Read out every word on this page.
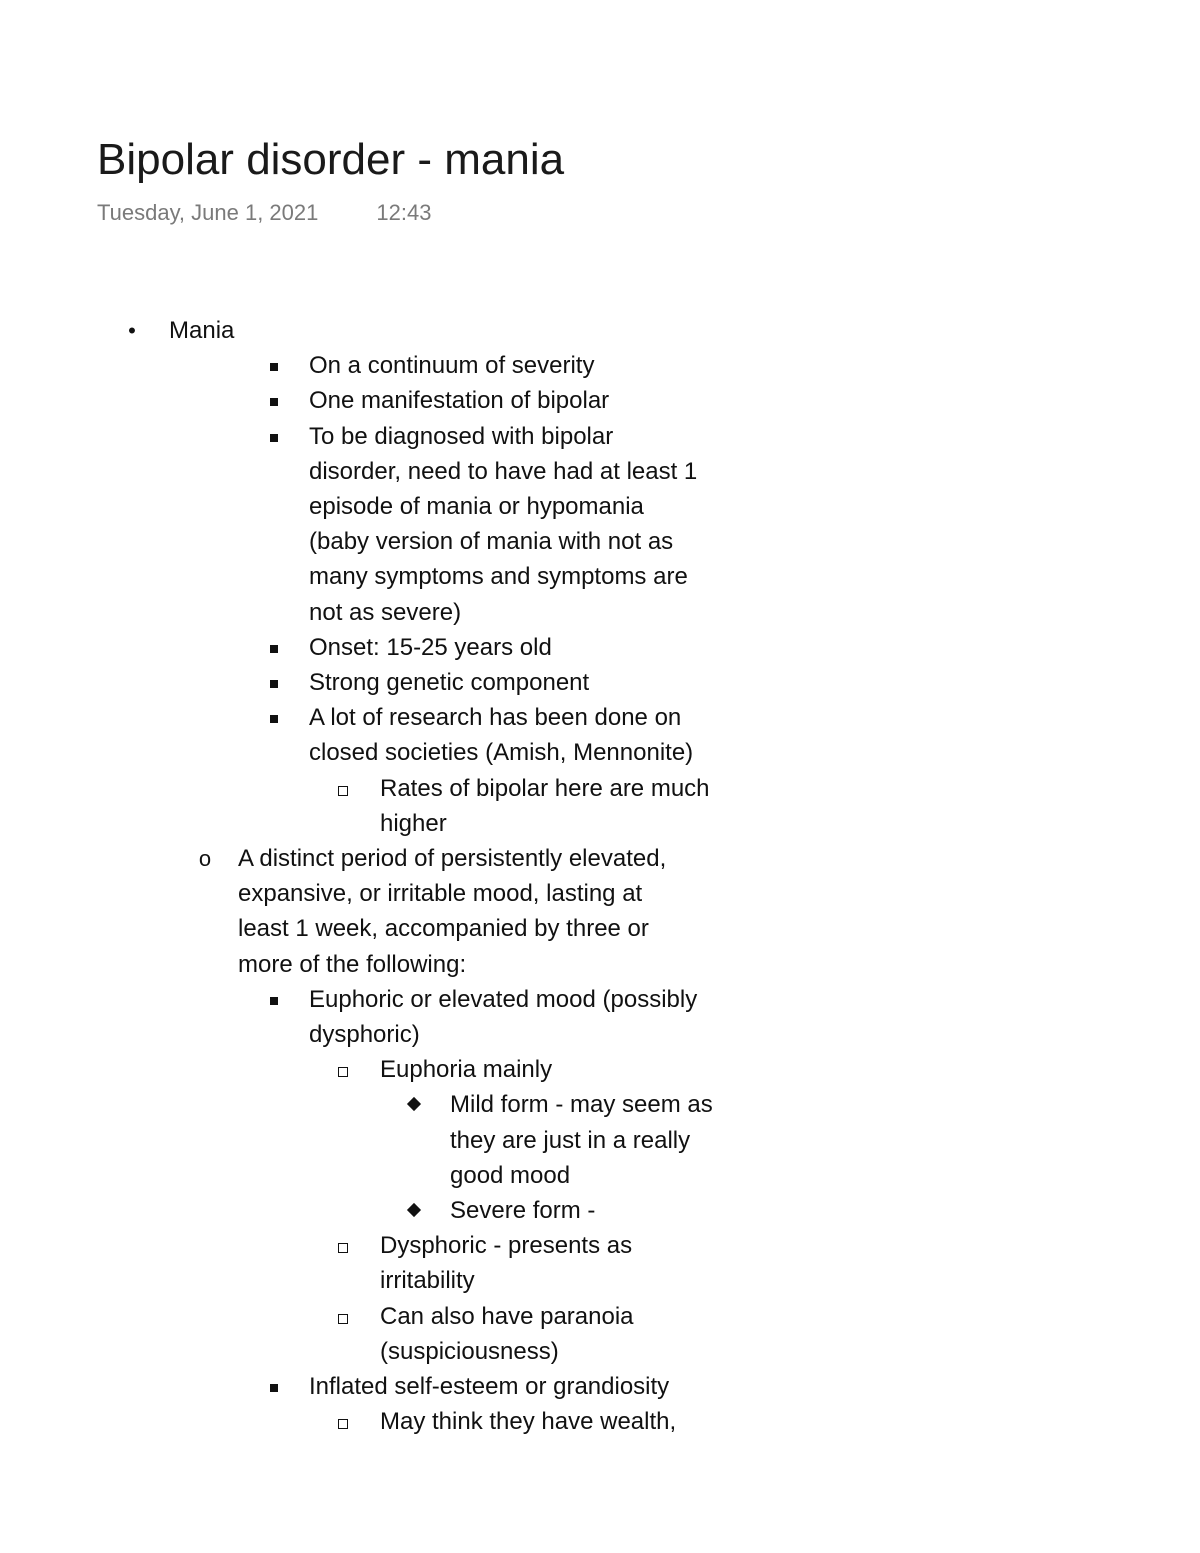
Bipolar disorder - mania
Tuesday, June 1, 2021	12:43
• Mania
On a continuum of severity
One manifestation of bipolar
To be diagnosed with bipolar
disorder, need to have had at least 1
episode of mania or hypomania
(baby version of mania with not as
many symptoms and symptoms are
not as severe)
Onset: 15-25 years old
Strong genetic component
A lot of research has been done on
closed societies (Amish, Mennonite)
Rates of bipolar here are much
higher
o A distinct period of persistently elevated,
expansive, or irritable mood, lasting at
least 1 week, accompanied by three or
more of the following:
Euphoric or elevated mood (possibly
dysphoric)
Euphoria mainly
Mild form - may seem as
they are just in a really
good mood
Severe form -
Dysphoric - presents as
irritability
Can also have paranoia
(suspiciousness)
Inflated self-esteem or grandiosity
May think they have wealth,
